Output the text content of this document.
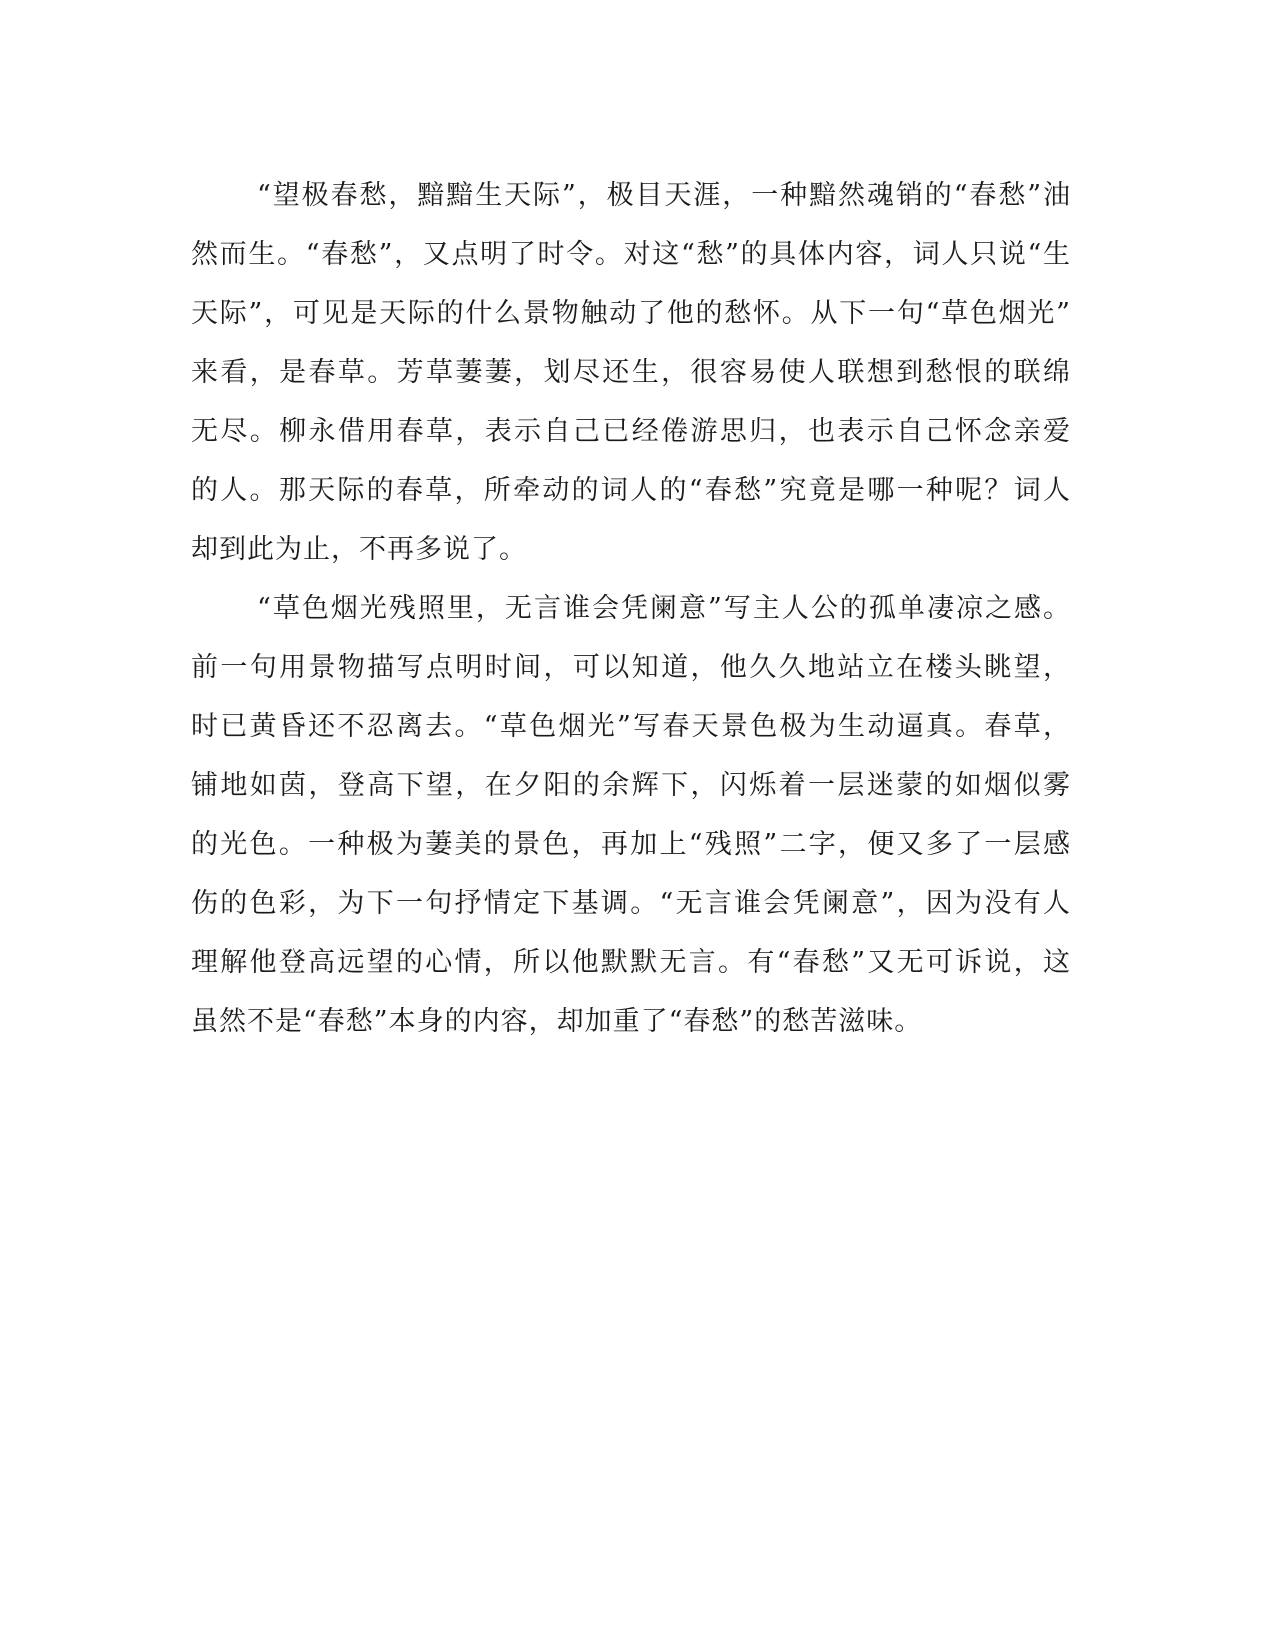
“望极春愁，黯黯生天际”，极目天涯，一种黯然魂销的“春愁”油
然而生。“春愁”，又点明了时令。对这“愁”的具体内容，词人只说“生
天际”，可见是天际的什么景物触动了他的愁怀。从下一句“草色烟光”
来看，是春草。芳草萋萋，划尽还生，很容易使人联想到愁恨的联绵
无尽。柳永借用春草，表示自己已经倦游思归，也表示自己怀念亲爱
的人。那天际的春草，所牵动的词人的“春愁”究竟是哪一种呢？词人
却到此为止，不再多说了。
“草色烟光残照里，无言谁会凭阑意”写主人公的孤单凄凉之感。
前一句用景物描写点明时间，可以知道，他久久地站立在楼头眺望，
时已黄昏还不忍离去。“草色烟光”写春天景色极为生动逼真。春草，
铺地如茵，登高下望，在夕阳的余辉下，闪烁着一层迷蒙的如烟似雾
的光色。一种极为萋美的景色，再加上“残照”二字，便又多了一层感
伤的色彩，为下一句抒情定下基调。“无言谁会凭阑意”，因为没有人
理解他登高远望的心情，所以他默默无言。有“春愁”又无可诉说，这
虽然不是“春愁”本身的内容，却加重了“春愁”的愁苦滋味。
